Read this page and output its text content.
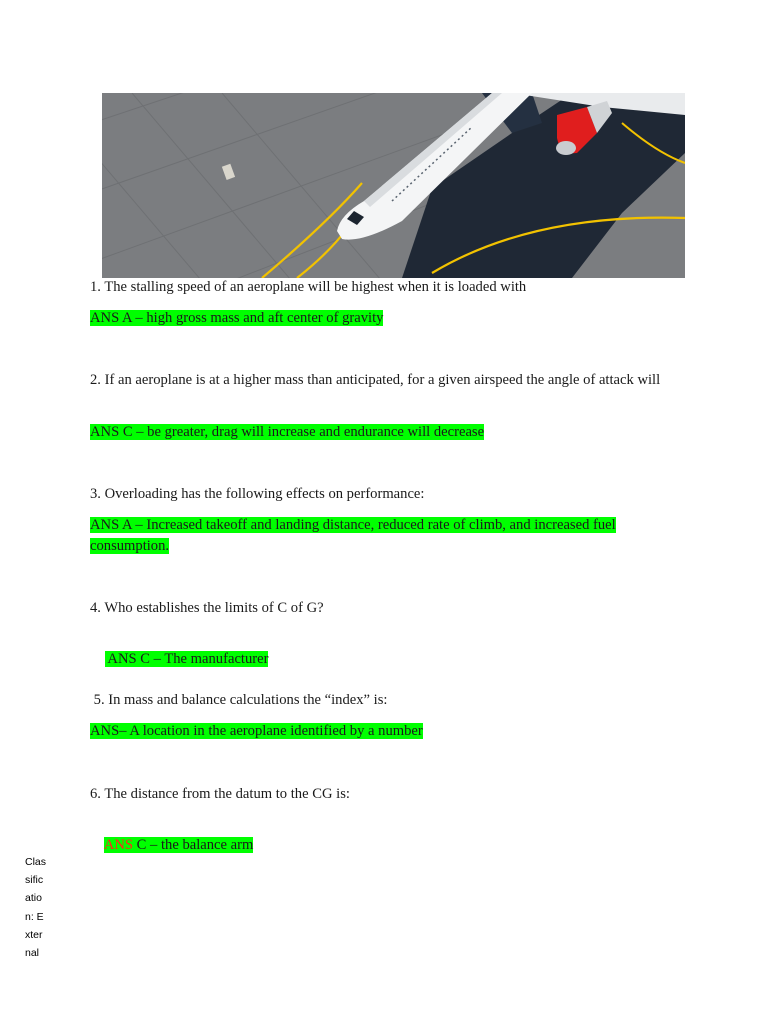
1. The stalling speed of an aeroplane will be highest when it is loaded with
ANS A – high gross mass and aft center of gravity
2. If an aeroplane is at a higher mass than anticipated, for a given airspeed the angle of attack will
ANS C – be greater, drag will increase and endurance will decrease
3. Overloading has the following effects on performance:
ANS A – Increased takeoff and landing distance, reduced rate of climb, and increased fuel consumption.
4. Who establishes the limits of C of G?

ANS C – The manufacturer

5. In mass and balance calculations the “index” is:
ANS– A location in the aeroplane identified by a number
6. The distance from the datum to the CG is:

ANS C – the balance arm

Classification: External
